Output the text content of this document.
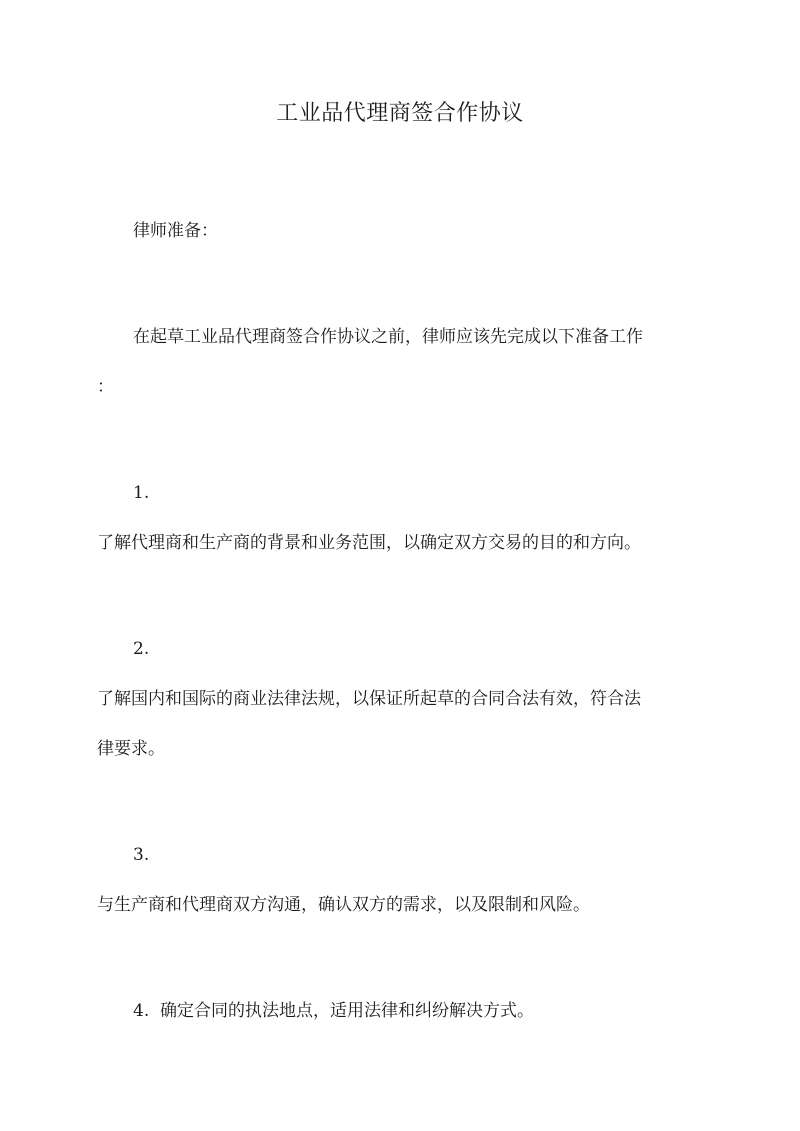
工业品代理商签合作协议

律师准备：

在起草工业品代理商签合作协议之前，律师应该先完成以下准备工作

：

1.

了解代理商和生产商的背景和业务范围，以确定双方交易的目的和方向。

2.

了解国内和国际的商业法律法规，以保证所起草的合同合法有效，符合法

律要求。

3.

与生产商和代理商双方沟通，确认双方的需求，以及限制和风险。

4. 确定合同的执法地点，适用法律和纠纷解决方式。
